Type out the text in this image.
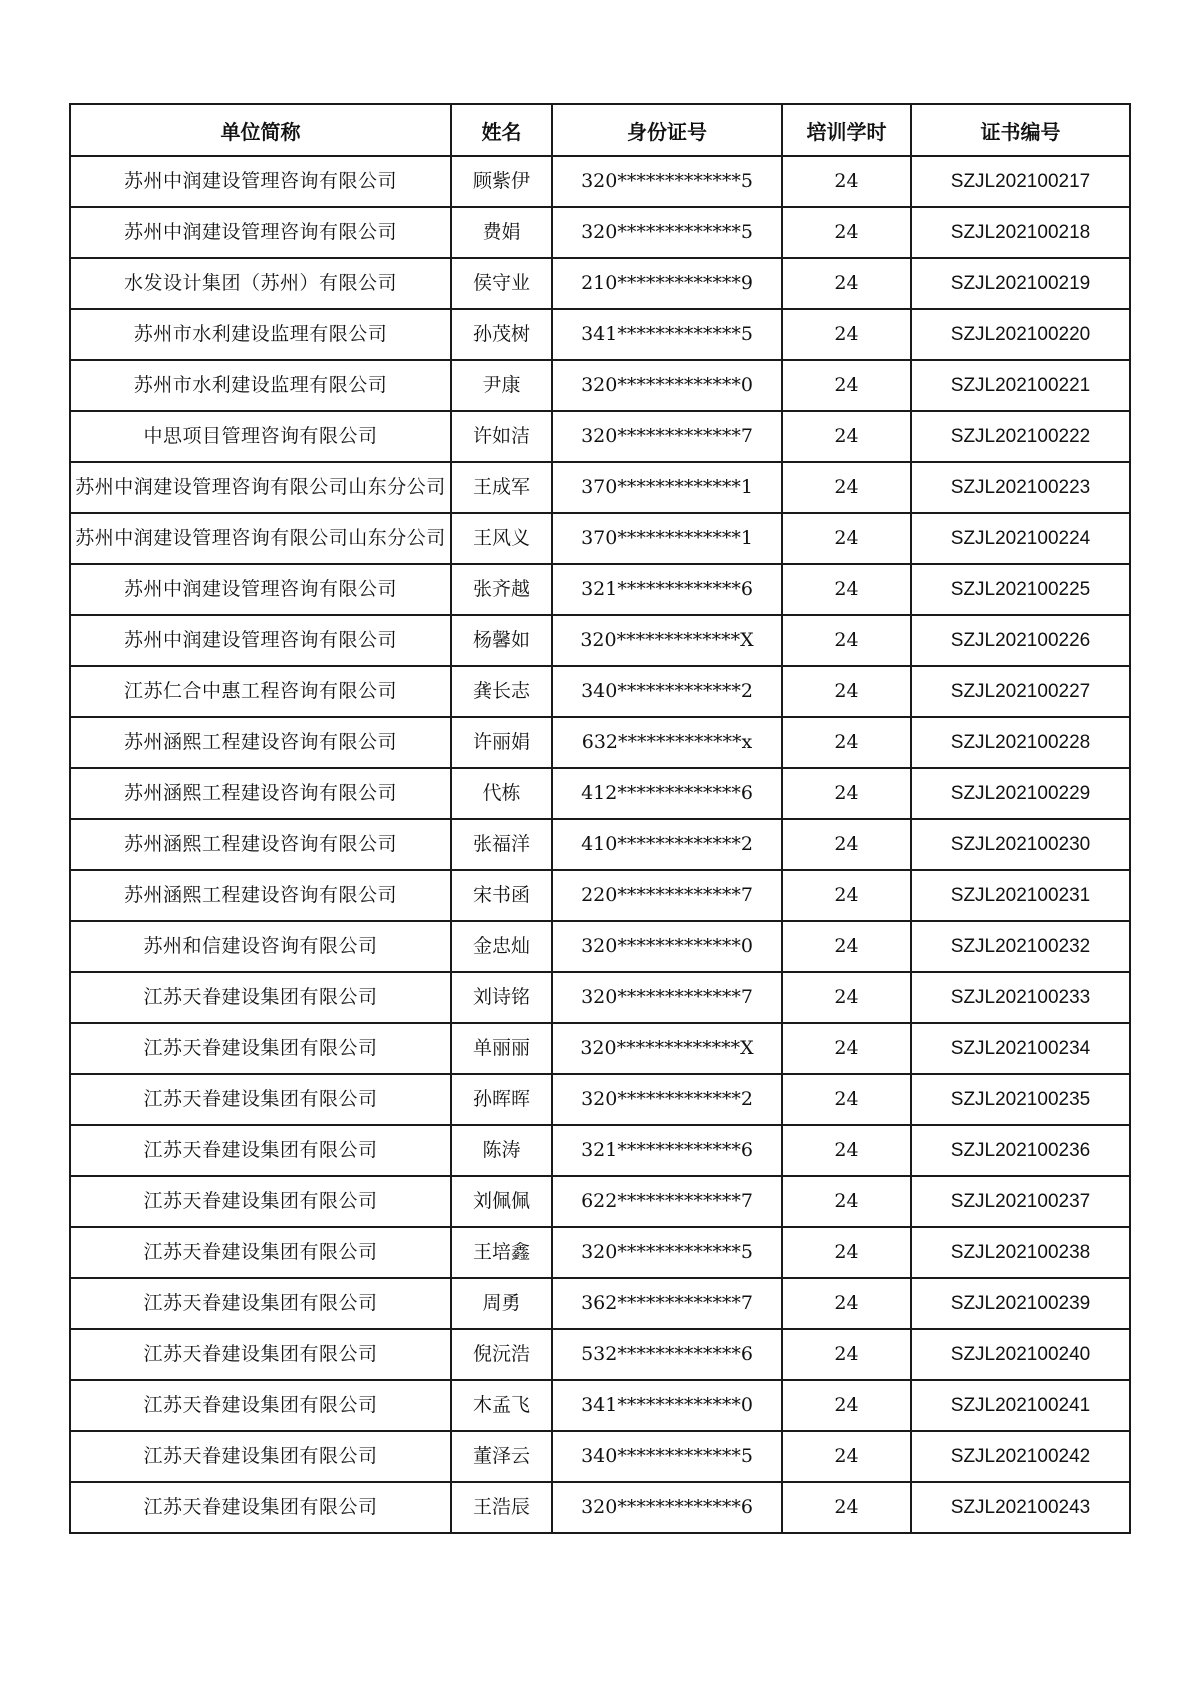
单位简称	姓名	身份证号	培训学时	证书编号
苏州中润建设管理咨询有限公司	顾紫伊	320*************5	24	SZJL202100217
苏州中润建设管理咨询有限公司	费娟	320*************5	24	SZJL202100218
水发设计集团（苏州）有限公司	侯守业	210*************9	24	SZJL202100219
苏州市水利建设监理有限公司	孙茂树	341*************5	24	SZJL202100220
苏州市水利建设监理有限公司	尹康	320*************0	24	SZJL202100221
中思项目管理咨询有限公司	许如洁	320*************7	24	SZJL202100222
苏州中润建设管理咨询有限公司山东分公司	王成军	370*************1	24	SZJL202100223
苏州中润建设管理咨询有限公司山东分公司	王风义	370*************1	24	SZJL202100224
苏州中润建设管理咨询有限公司	张齐越	321*************6	24	SZJL202100225
苏州中润建设管理咨询有限公司	杨馨如	320*************X	24	SZJL202100226
江苏仁合中惠工程咨询有限公司	龚长志	340*************2	24	SZJL202100227
苏州涵熙工程建设咨询有限公司	许丽娟	632*************x	24	SZJL202100228
苏州涵熙工程建设咨询有限公司	代栋	412*************6	24	SZJL202100229
苏州涵熙工程建设咨询有限公司	张福洋	410*************2	24	SZJL202100230
苏州涵熙工程建设咨询有限公司	宋书函	220*************7	24	SZJL202100231
苏州和信建设咨询有限公司	金忠灿	320*************0	24	SZJL202100232
江苏天眷建设集团有限公司	刘诗铭	320*************7	24	SZJL202100233
江苏天眷建设集团有限公司	单丽丽	320*************X	24	SZJL202100234
江苏天眷建设集团有限公司	孙晖晖	320*************2	24	SZJL202100235
江苏天眷建设集团有限公司	陈涛	321*************6	24	SZJL202100236
江苏天眷建设集团有限公司	刘佩佩	622*************7	24	SZJL202100237
江苏天眷建设集团有限公司	王培鑫	320*************5	24	SZJL202100238
江苏天眷建设集团有限公司	周勇	362*************7	24	SZJL202100239
江苏天眷建设集团有限公司	倪沅浩	532*************6	24	SZJL202100240
江苏天眷建设集团有限公司	木孟飞	341*************0	24	SZJL202100241
江苏天眷建设集团有限公司	董泽云	340*************5	24	SZJL202100242
江苏天眷建设集团有限公司	王浩辰	320*************6	24	SZJL202100243
